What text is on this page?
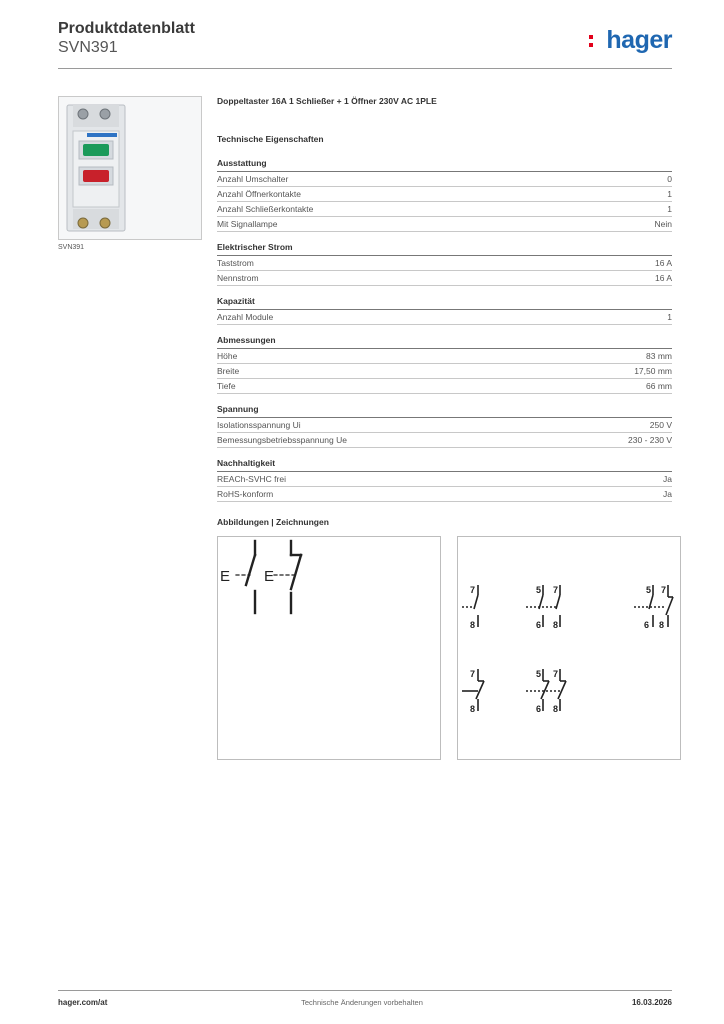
Produktdatenblatt
SVN391	hager
SVN391
Doppeltaster 16A 1 Schließer + 1 Öffner 230V AC 1PLE
Technische Eigenschaften
Ausstattung
Anzahl Umschalter	0
Anzahl Öffnerkontakte	1
Anzahl Schließerkontakte	1
Mit Signallampe	Nein
Elektrischer Strom
Taststrom	16 A
Nennstrom	16 A
Kapazität
Anzahl Module	1
Abmessungen
Höhe	83 mm
Breite	17,50 mm
Tiefe	66 mm
Spannung
Isolationsspannung Ui	250 V
Bemessungsbetriebsspannung Ue	230 - 230 V
Nachhaltigkeit
REACh-SVHC frei	Ja
RoHS-konform	Ja
Abbildungen | Zeichnungen
E E
7
8
5 7
6 8
5 7
6 8
7
8
5 7
6 8
hager.com/at	Technische Änderungen vorbehalten	16.03.2026
